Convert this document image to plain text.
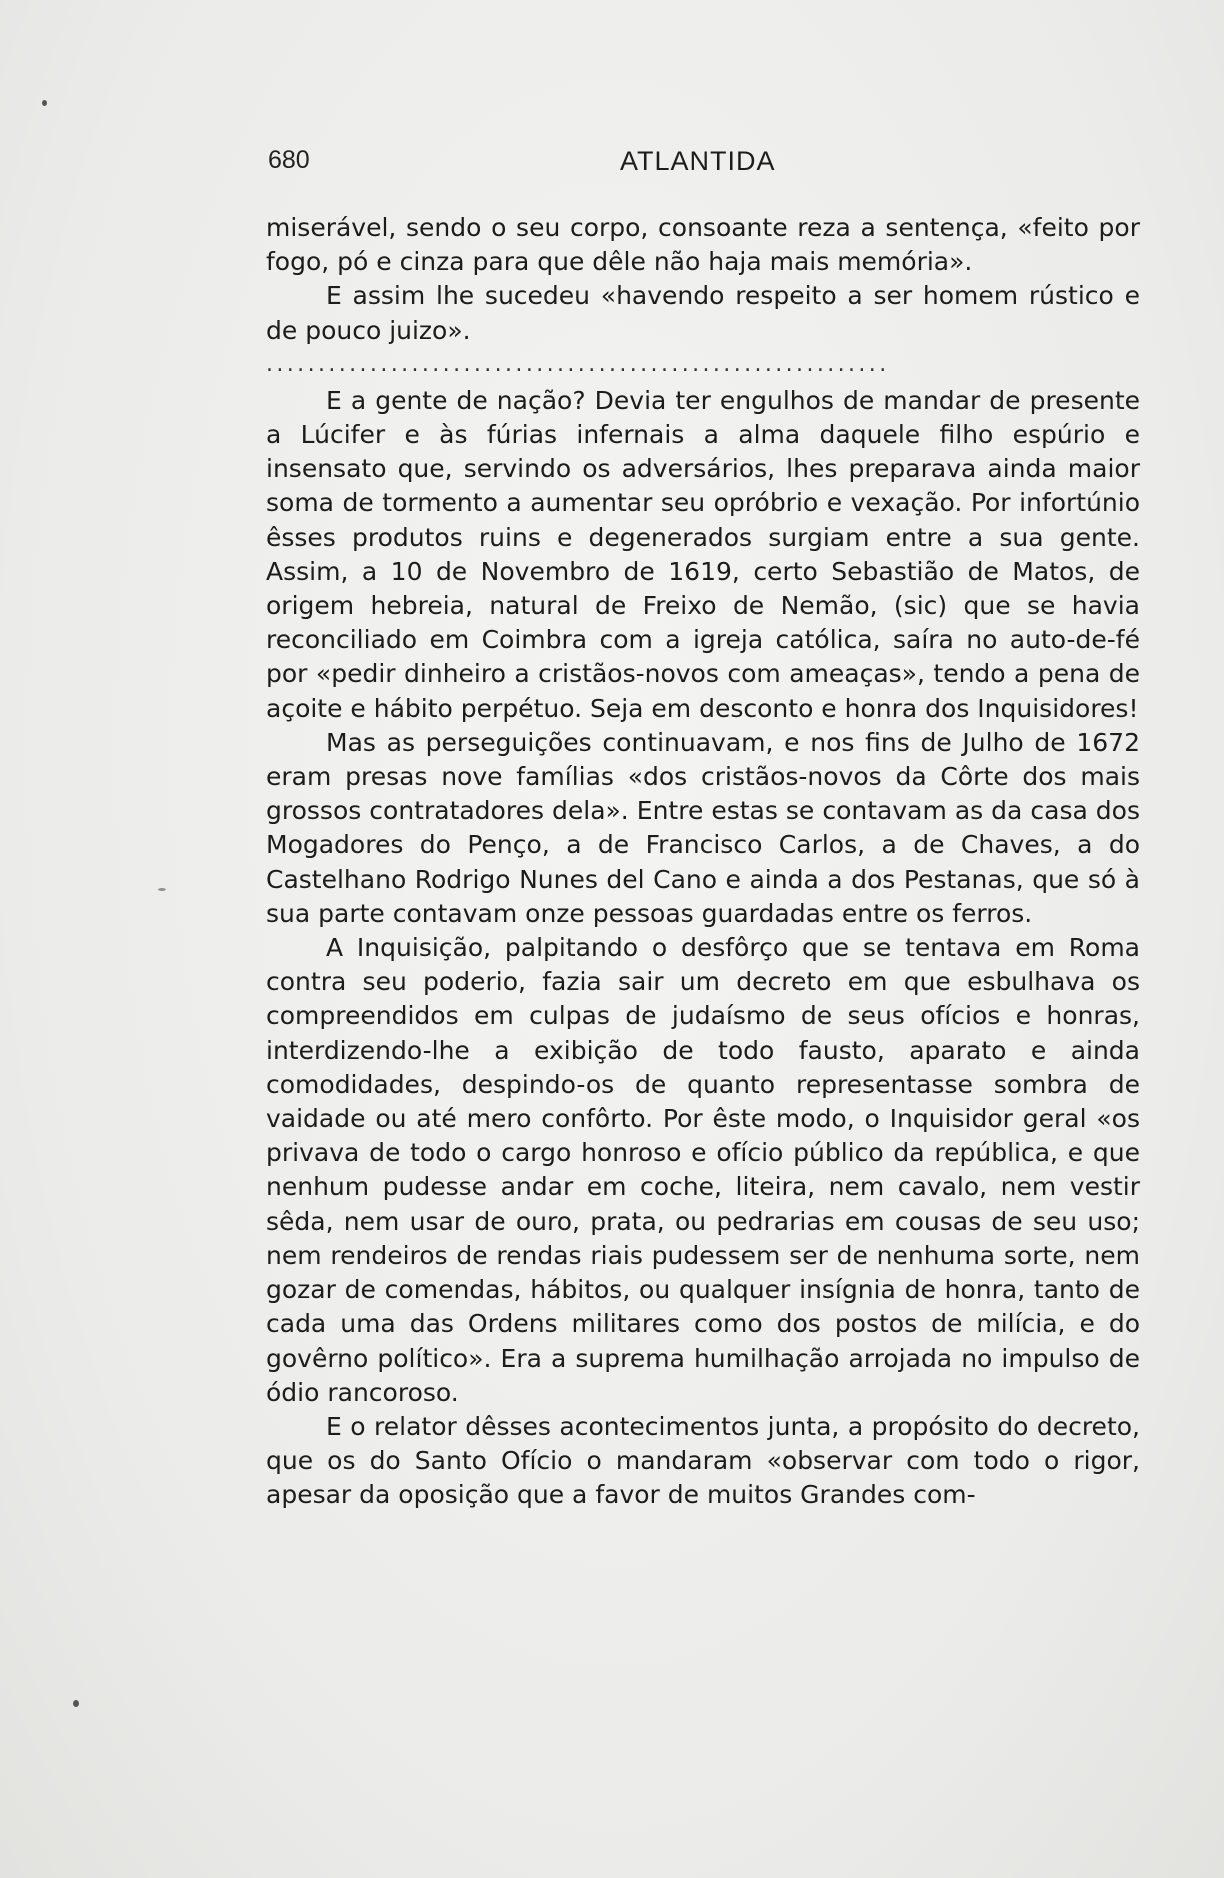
680	ATLANTIDA

miserável, sendo o seu corpo, consoante reza a sentença, «feito por fogo, pó e cinza para que dêle não haja mais memória».

E assim lhe sucedeu «havendo respeito a ser homem rústico e de pouco juizo».

............................................................

E a gente de nação? Devia ter engulhos de mandar de presente a Lúcifer e às fúrias infernais a alma daquele filho espúrio e insensato que, servindo os adversários, lhes preparava ainda maior soma de tormento a aumentar seu opróbrio e vexação. Por infortúnio êsses produtos ruins e degenerados surgiam entre a sua gente. Assim, a 10 de Novembro de 1619, certo Sebastião de Matos, de origem hebreia, natural de Freixo de Nemão, (sic) que se havia reconciliado em Coimbra com a igreja católica, saíra no auto-de-fé por «pedir dinheiro a cristãos-novos com ameaças», tendo a pena de açoite e hábito perpétuo. Seja em desconto e honra dos Inquisidores!

Mas as perseguições continuavam, e nos fins de Julho de 1672 eram presas nove famílias «dos cristãos-novos da Côrte dos mais grossos contratadores dela». Entre estas se contavam as da casa dos Mogadores do Penço, a de Francisco Carlos, a de Chaves, a do Castelhano Rodrigo Nunes del Cano e ainda a dos Pestanas, que só à sua parte contavam onze pessoas guardadas entre os ferros.

A Inquisição, palpitando o desfôrço que se tentava em Roma contra seu poderio, fazia sair um decreto em que esbulhava os compreendidos em culpas de judaísmo de seus ofícios e honras, interdizendo-lhe a exibição de todo fausto, aparato e ainda comodidades, despindo-os de quanto representasse sombra de vaidade ou até mero confôrto. Por êste modo, o Inquisidor geral «os privava de todo o cargo honroso e ofício público da república, e que nenhum pudesse andar em coche, liteira, nem cavalo, nem vestir sêda, nem usar de ouro, prata, ou pedrarias em cousas de seu uso; nem rendeiros de rendas riais pudessem ser de nenhuma sorte, nem gozar de comendas, hábitos, ou qualquer insígnia de honra, tanto de cada uma das Ordens militares como dos postos de milícia, e do govêrno político». Era a suprema humilhação arrojada no impulso de ódio rancoroso.

E o relator dêsses acontecimentos junta, a propósito do decreto, que os do Santo Ofício o mandaram «observar com todo o rigor, apesar da oposição que a favor de muitos Grandes com-
